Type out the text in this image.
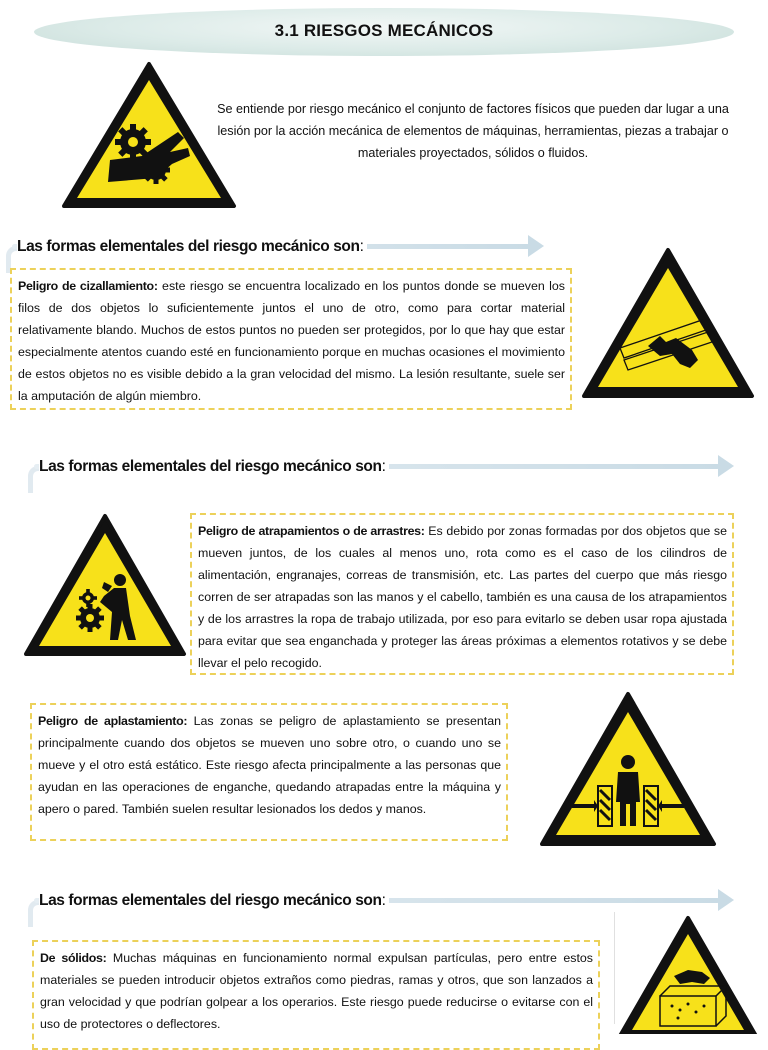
3.1 RIESGOS MECÁNICOS

Se entiende por riesgo mecánico el conjunto de factores físicos que pueden dar lugar a una lesión por la acción mecánica de elementos de máquinas, herramientas, piezas a trabajar o materiales proyectados, sólidos o fluidos.

Las formas elementales del riesgo mecánico son:
Peligro de cizallamiento: este riesgo se encuentra localizado en los puntos donde se mueven los filos de dos objetos lo suficientemente juntos el uno de otro, como para cortar material relativamente blando. Muchos de estos puntos no pueden ser protegidos, por lo que hay que estar especialmente atentos cuando esté en funcionamiento porque en muchas ocasiones el movimiento de estos objetos no es visible debido a la gran velocidad del mismo. La lesión resultante, suele ser la amputación de algún miembro.
Las formas elementales del riesgo mecánico son:
Peligro de atrapamientos o de arrastres: Es debido por zonas formadas por dos objetos que se mueven juntos, de los cuales al menos uno, rota como es el caso de los cilindros de alimentación, engranajes, correas de transmisión, etc. Las partes del cuerpo que más riesgo corren de ser atrapadas son las manos y el cabello, también es una causa de los atrapamientos y de los arrastres la ropa de trabajo utilizada, por eso para evitarlo se deben usar ropa ajustada para evitar que sea enganchada y proteger las áreas próximas a elementos rotativos y se debe llevar el pelo recogido.
Peligro de aplastamiento: Las zonas se peligro de aplastamiento se presentan principalmente cuando dos objetos se mueven uno sobre otro, o cuando uno se mueve y el otro está estático. Este riesgo afecta principalmente a las personas que ayudan en las operaciones de enganche, quedando atrapadas entre la máquina y apero o pared. También suelen resultar lesionados los dedos y manos.
Las formas elementales del riesgo mecánico son:
De sólidos: Muchas máquinas en funcionamiento normal expulsan partículas, pero entre estos materiales se pueden introducir objetos extraños como piedras, ramas y otros, que son lanzados a gran velocidad y que podrían golpear a los operarios. Este riesgo puede reducirse o evitarse con el uso de protectores o deflectores.
